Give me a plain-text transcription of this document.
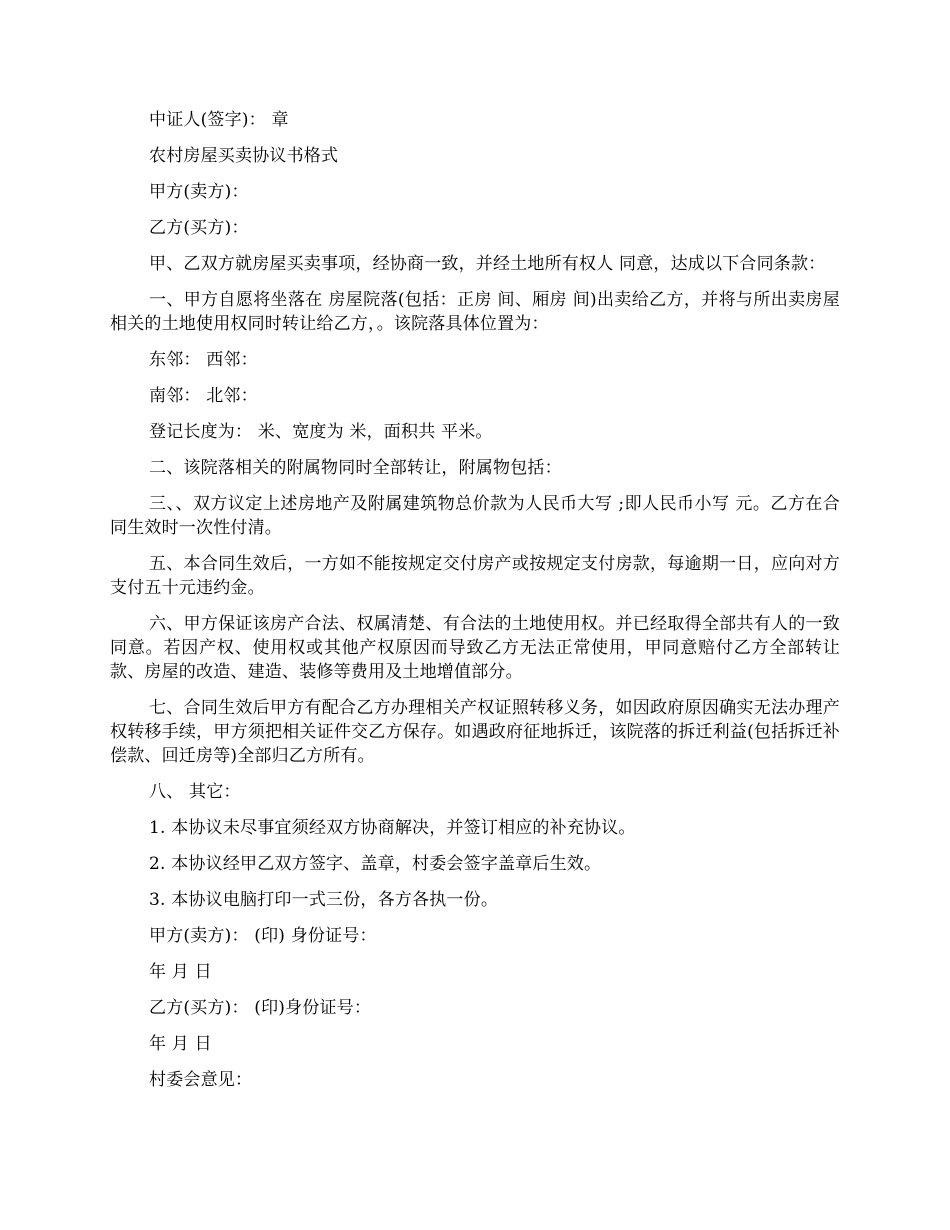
中证人(签字)： 章

农村房屋买卖协议书格式

甲方(卖方)：

乙方(买方)：

甲、乙双方就房屋买卖事项，经协商一致，并经土地所有权人 同意，达成以下合同条款：

一、甲方自愿将坐落在 房屋院落(包括：正房 间、厢房 间)出卖给乙方，并将与所出卖房屋相关的土地使用权同时转让给乙方，。该院落具体位置为：

东邻： 西邻：

南邻： 北邻：

登记长度为： 米、宽度为 米，面积共 平米。

二、该院落相关的附属物同时全部转让，附属物包括：

三、、双方议定上述房地产及附属建筑物总价款为人民币大写 ;即人民币小写 元。乙方在合同生效时一次性付清。

五、本合同生效后，一方如不能按规定交付房产或按规定支付房款，每逾期一日，应向对方支付五十元违约金。

六、甲方保证该房产合法、权属清楚、有合法的土地使用权。并已经取得全部共有人的一致同意。若因产权、使用权或其他产权原因而导致乙方无法正常使用，甲同意赔付乙方全部转让款、房屋的改造、建造、装修等费用及土地增值部分。

七、合同生效后甲方有配合乙方办理相关产权证照转移义务，如因政府原因确实无法办理产权转移手续，甲方须把相关证件交乙方保存。如遇政府征地拆迁，该院落的拆迁利益(包括拆迁补偿款、回迁房等)全部归乙方所有。

八、 其它：

1. 本协议未尽事宜须经双方协商解决，并签订相应的补充协议。

2. 本协议经甲乙双方签字、盖章，村委会签字盖章后生效。

3. 本协议电脑打印一式三份，各方各执一份。

甲方(卖方)： (印) 身份证号：

年 月 日

乙方(买方)： (印)身份证号：

年 月 日

村委会意见：
